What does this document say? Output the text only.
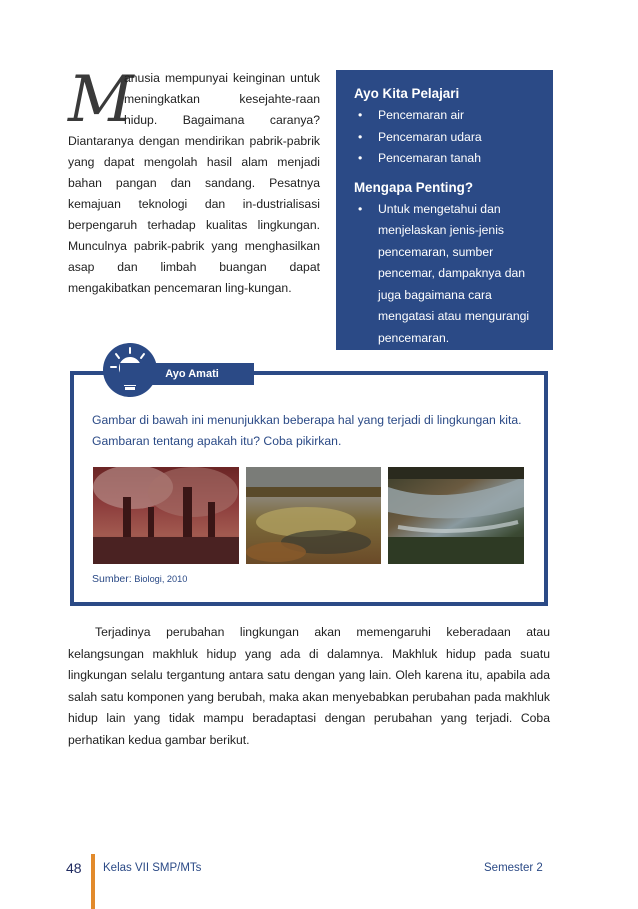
M
anusia mempunyai keinginan untuk meningkatkan kesejahte-raan hidup. Bagaimana caranya? Diantaranya dengan mendirikan pabrik-pabrik yang dapat mengolah hasil alam menjadi bahan pangan dan sandang. Pesatnya kemajuan teknologi dan in-dustrialisasi berpengaruh terhadap kualitas lingkungan. Munculnya pabrik-pabrik yang menghasilkan asap dan limbah buangan dapat mengakibatkan pencemaran ling-kungan.
Ayo Kita Pelajari
• Pencemaran air
• Pencemaran udara
• Pencemaran tanah
Mengapa Penting?
• Untuk mengetahui dan menjelaskan jenis-jenis pencemaran, sumber pencemar, dampaknya dan juga bagaimana cara mengatasi atau mengurangi pencemaran.
Ayo Amati
Gambar di bawah ini menunjukkan beberapa hal yang terjadi di lingkungan kita. Gambaran tentang apakah itu? Coba pikirkan.
Sumber: Biologi, 2010
Terjadinya perubahan lingkungan akan memengaruhi keberadaan atau kelangsungan makhluk hidup yang ada di dalamnya. Makhluk hidup pada suatu lingkungan selalu tergantung antara satu dengan yang lain. Oleh karena itu, apabila ada salah satu komponen yang berubah, maka akan menyebabkan perubahan pada makhluk hidup lain yang tidak mampu beradaptasi dengan perubahan yang terjadi. Coba perhatikan kedua gambar berikut.
48 Kelas VII SMP/MTs	Semester 2
